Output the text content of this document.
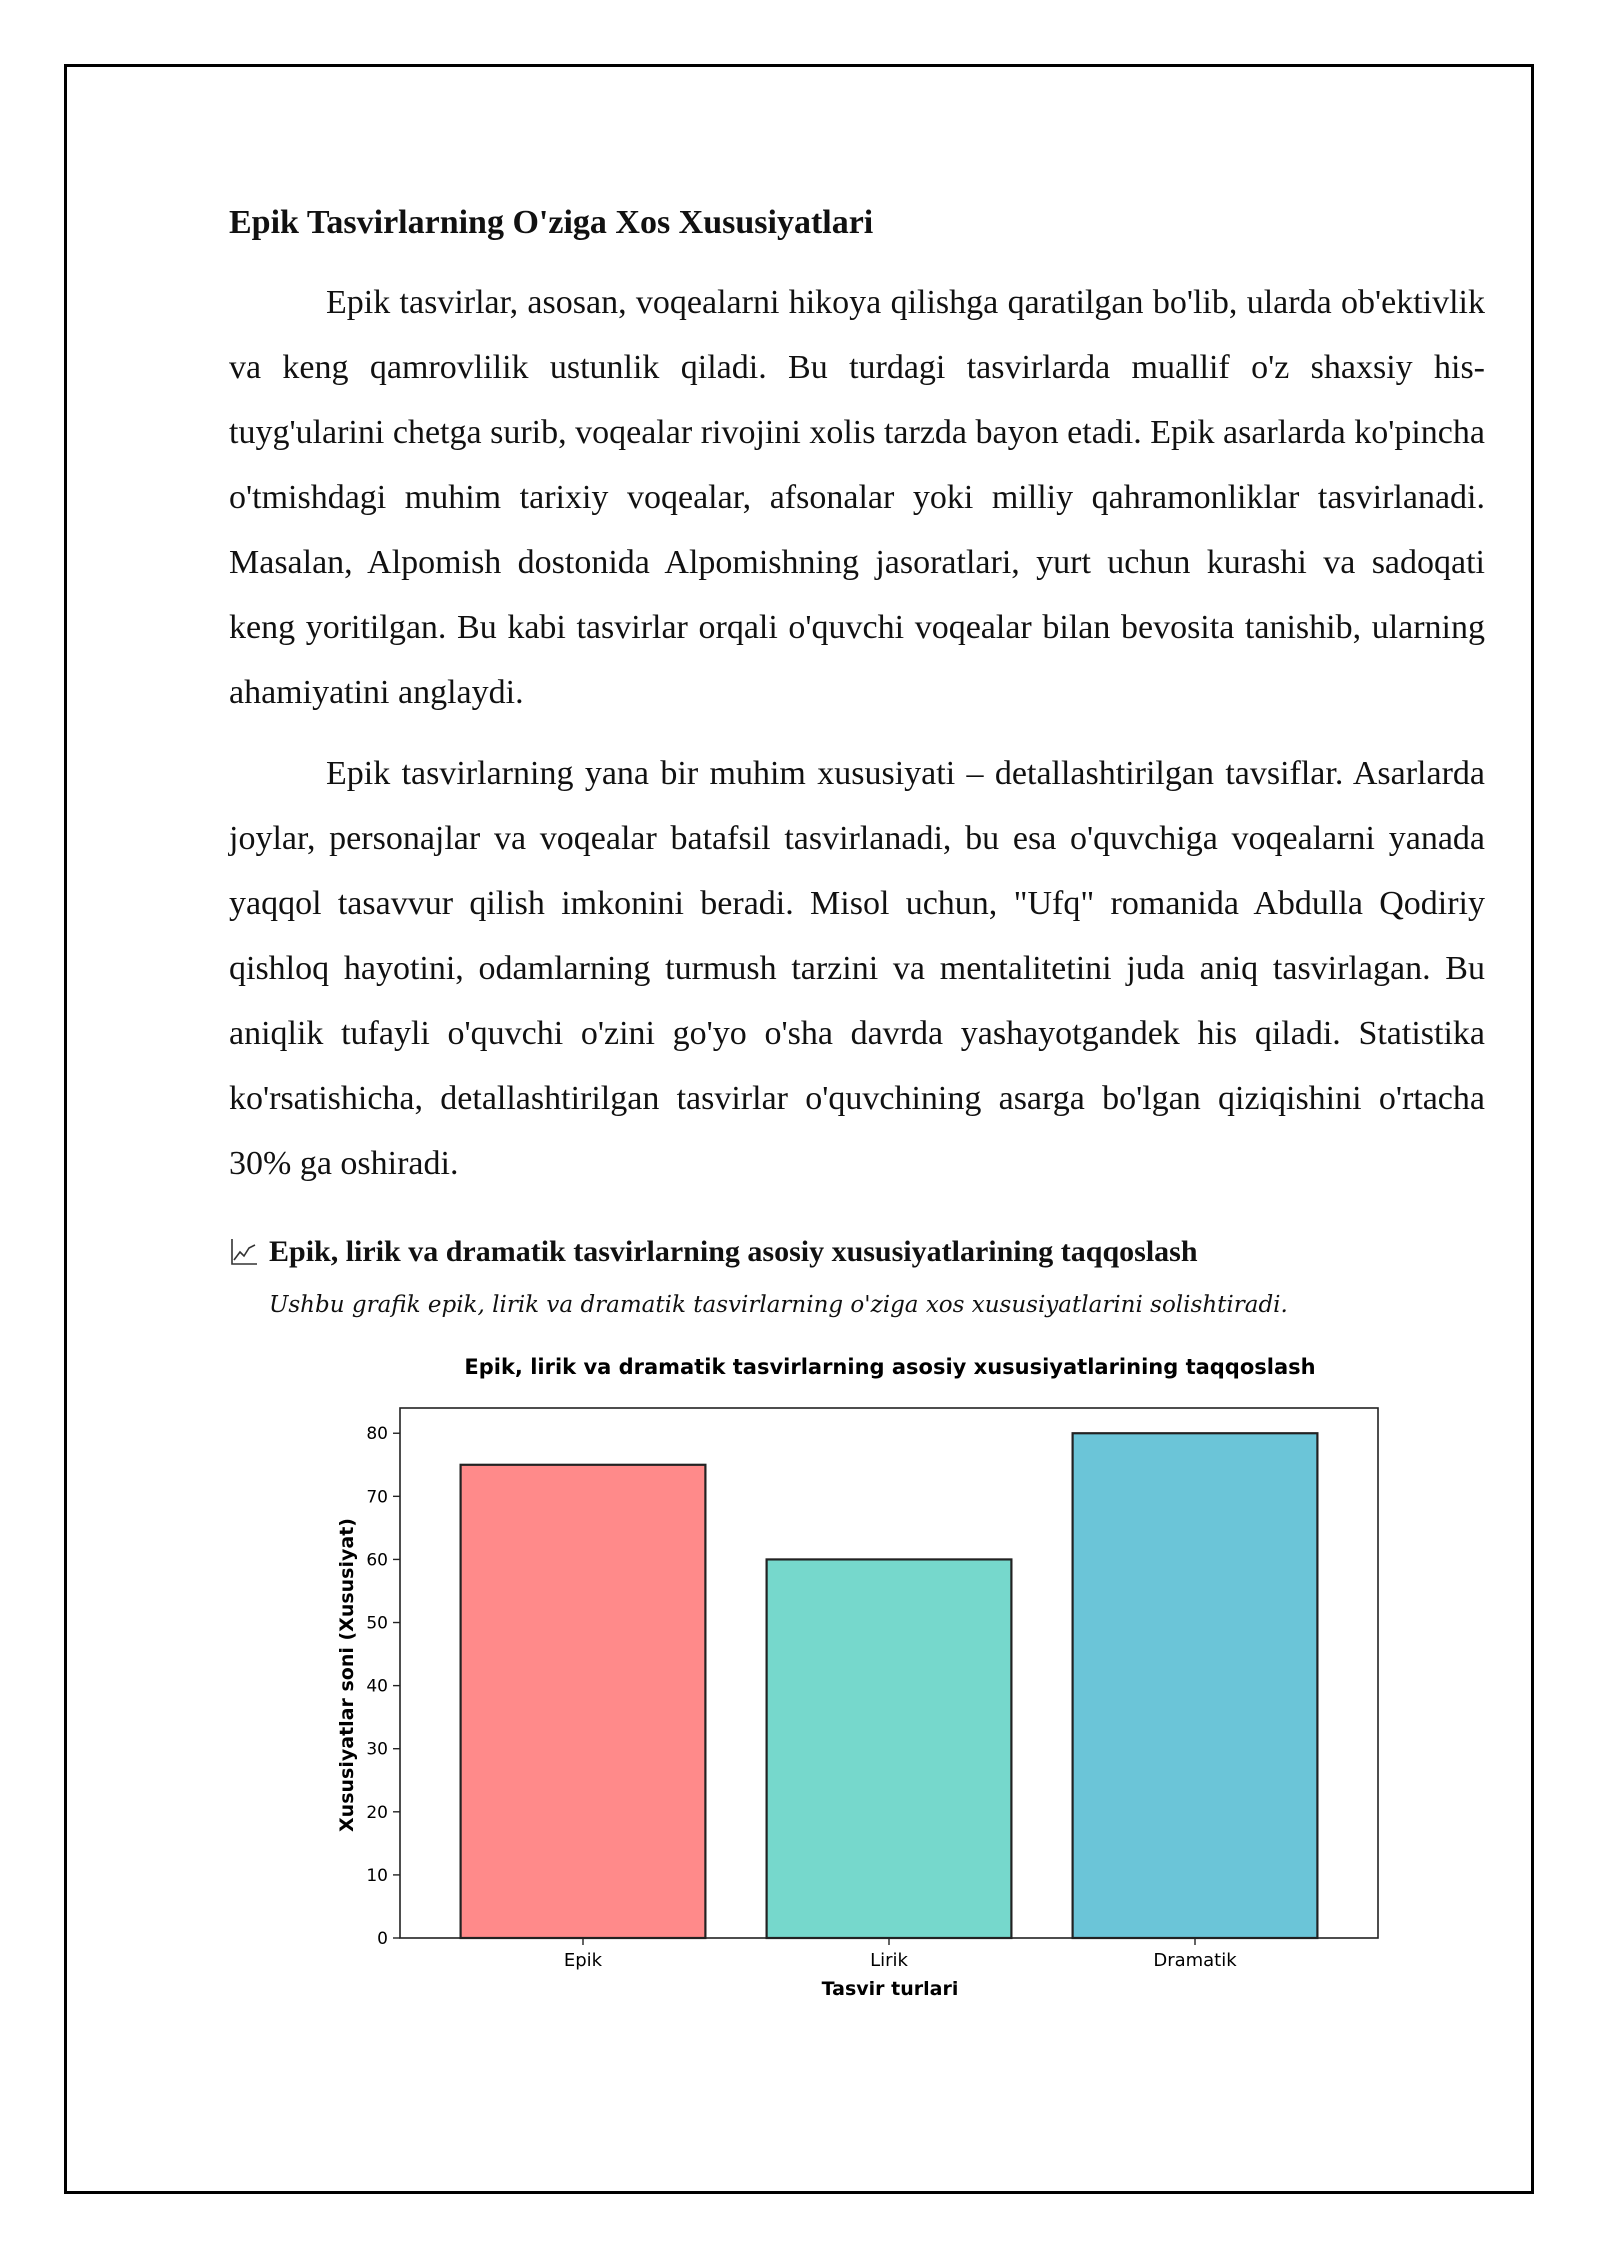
Epik Tasvirlarning O'ziga Xos Xususiyatlari

Epik tasvirlar, asosan, voqealarni hikoya qilishga qaratilgan bo'lib, ularda ob'ektivlik va keng qamrovlilik ustunlik qiladi. Bu turdagi tasvirlarda muallif o'z shaxsiy his-tuyg'ularini chetga surib, voqealar rivojini xolis tarzda bayon etadi. Epik asarlarda ko'pincha o'tmishdagi muhim tarixiy voqealar, afsonalar yoki milliy qahramonliklar tasvirlanadi. Masalan, Alpomish dostonida Alpomishning jasoratlari, yurt uchun kurashi va sadoqati keng yoritilgan. Bu kabi tasvirlar orqali o'quvchi voqealar bilan bevosita tanishib, ularning ahamiyatini anglaydi.

Epik tasvirlarning yana bir muhim xususiyati – detallashtirilgan tavsiflar. Asarlarda joylar, personajlar va voqealar batafsil tasvirlanadi, bu esa o'quvchiga voqealarni yanada yaqqol tasavvur qilish imkonini beradi. Misol uchun, "Ufq" romanida Abdulla Qodiriy qishloq hayotini, odamlarning turmush tarzini va mentalitetini juda aniq tasvirlagan. Bu aniqlik tufayli o'quvchi o'zini go'yo o'sha davrda yashayotgandek his qiladi. Statistika ko'rsatishicha, detallashtirilgan tasvirlar o'quvchining asarga bo'lgan qiziqishini o'rtacha 30% ga oshiradi.

Epik, lirik va dramatik tasvirlarning asosiy xususiyatlarining taqqoslash
Ushbu grafik epik, lirik va dramatik tasvirlarning o'ziga xos xususiyatlarini solishtiradi.
Epik, lirik va dramatik tasvirlarning asosiy xususiyatlarining taqqoslash
Xususiyatlar soni (Xususiyat)
Tasvir turlari
0
10
20
30
40
50
60
70
80
Epik	Lirik	Dramatik
